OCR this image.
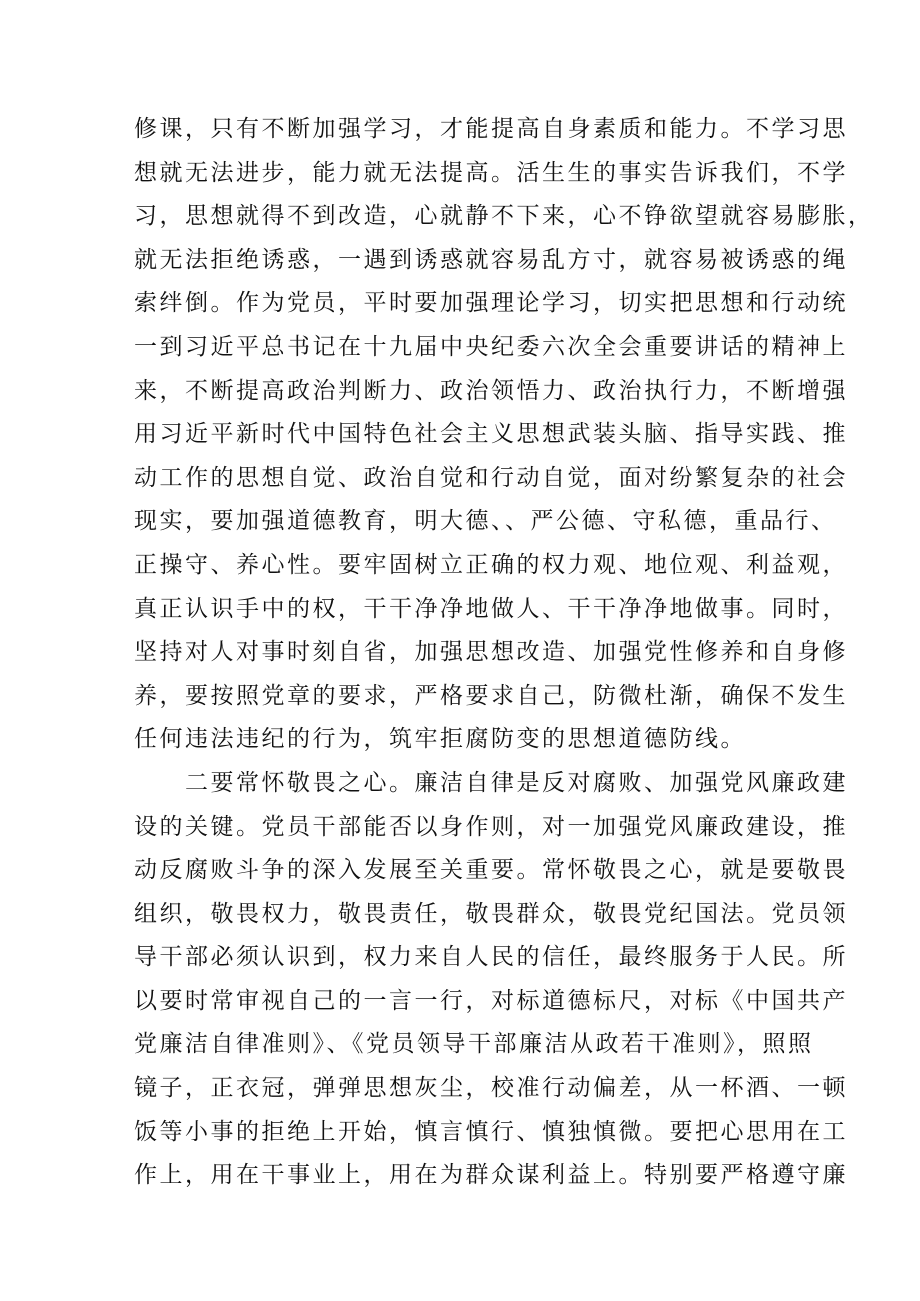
修课，只有不断加强学习，才能提高自身素质和能力。不学习思
想就无法进步，能力就无法提高。活生生的事实告诉我们，不学
习，思想就得不到改造，心就静不下来，心不铮欲望就容易膨胀，
就无法拒绝诱惑，一遇到诱惑就容易乱方寸，就容易被诱惑的绳
索绊倒。作为党员，平时要加强理论学习，切实把思想和行动统
一到习近平总书记在十九届中央纪委六次全会重要讲话的精神上
来，不断提高政治判断力、政治领悟力、政治执行力，不断增强
用习近平新时代中国特色社会主义思想武装头脑、指导实践、推
动工作的思想自觉、政治自觉和行动自觉，面对纷繁复杂的社会
现实，要加强道德教育，明大德、、严公德、守私德，重品行、
正操守、养心性。要牢固树立正确的权力观、地位观、利益观，
真正认识手中的权，干干净净地做人、干干净净地做事。同时，
坚持对人对事时刻自省，加强思想改造、加强党性修养和自身修
养，要按照党章的要求，严格要求自己，防微杜渐，确保不发生
任何违法违纪的行为，筑牢拒腐防变的思想道德防线。
　　二要常怀敬畏之心。廉洁自律是反对腐败、加强党风廉政建
设的关键。党员干部能否以身作则，对一加强党风廉政建设，推
动反腐败斗争的深入发展至关重要。常怀敬畏之心，就是要敬畏
组织，敬畏权力，敬畏责任，敬畏群众，敬畏党纪国法。党员领
导干部必须认识到，权力来自人民的信任，最终服务于人民。所
以要时常审视自己的一言一行，对标道德标尺，对标《中国共产
党廉洁自律准则》、《党员领导干部廉洁从政若干准则》，照照
镜子，正衣冠，弹弹思想灰尘，校准行动偏差，从一杯酒、一顿
饭等小事的拒绝上开始，慎言慎行、慎独慎微。要把心思用在工
作上，用在干事业上，用在为群众谋利益上。特别要严格遵守廉
